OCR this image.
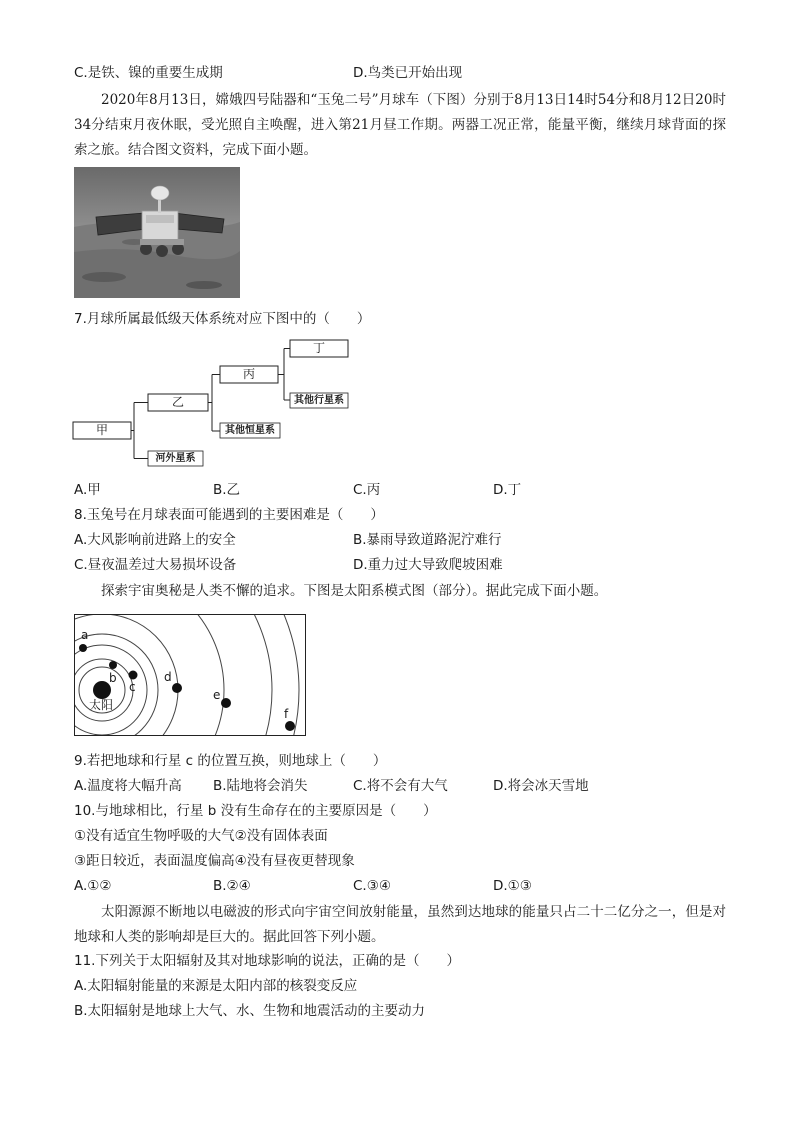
C.是铁、镍的重要生成期	D.鸟类已开始出现
2020年8月13日，嫦娥四号陆器和“玉兔二号”月球车（下图）分别于8月13日14时54分和8月12日20时34分结束月夜休眠，受光照自主唤醒，进入第21月昼工作期。两器工况正常，能量平衡，继续月球背面的探索之旅。结合图文资料，完成下面小题。
7.月球所属最低级天体系统对应下图中的（　　）
甲
乙
丙
丁
河外星系
其他恒星系
其他行星系
A.甲	B.乙	C.丙	D.丁
8.玉兔号在月球表面可能遇到的主要困难是（　　）
A.大风影响前进路上的安全	B.暴雨导致道路泥泞难行
C.昼夜温差过大易损坏设备	D.重力过大导致爬坡困难
探索宇宙奥秘是人类不懈的追求。下图是太阳系模式图（部分）。据此完成下面小题。
太阳
a
b
c
d
e
f
9.若把地球和行星 c 的位置互换，则地球上（　　）
A.温度将大幅升高 B.陆地将会消失	C.将不会有大气	D.将会冰天雪地
10.与地球相比，行星 b 没有生命存在的主要原因是（　　）
①没有适宜生物呼吸的大气②没有固体表面
③距日较近，表面温度偏高④没有昼夜更替现象
A.①②	B.②④	C.③④	D.①③
太阳源源不断地以电磁波的形式向宇宙空间放射能量，虽然到达地球的能量只占二十二亿分之一，但是对地球和人类的影响却是巨大的。据此回答下列小题。
11.下列关于太阳辐射及其对地球影响的说法，正确的是（　　）
A.太阳辐射能量的来源是太阳内部的核裂变反应
B.太阳辐射是地球上大气、水、生物和地震活动的主要动力
